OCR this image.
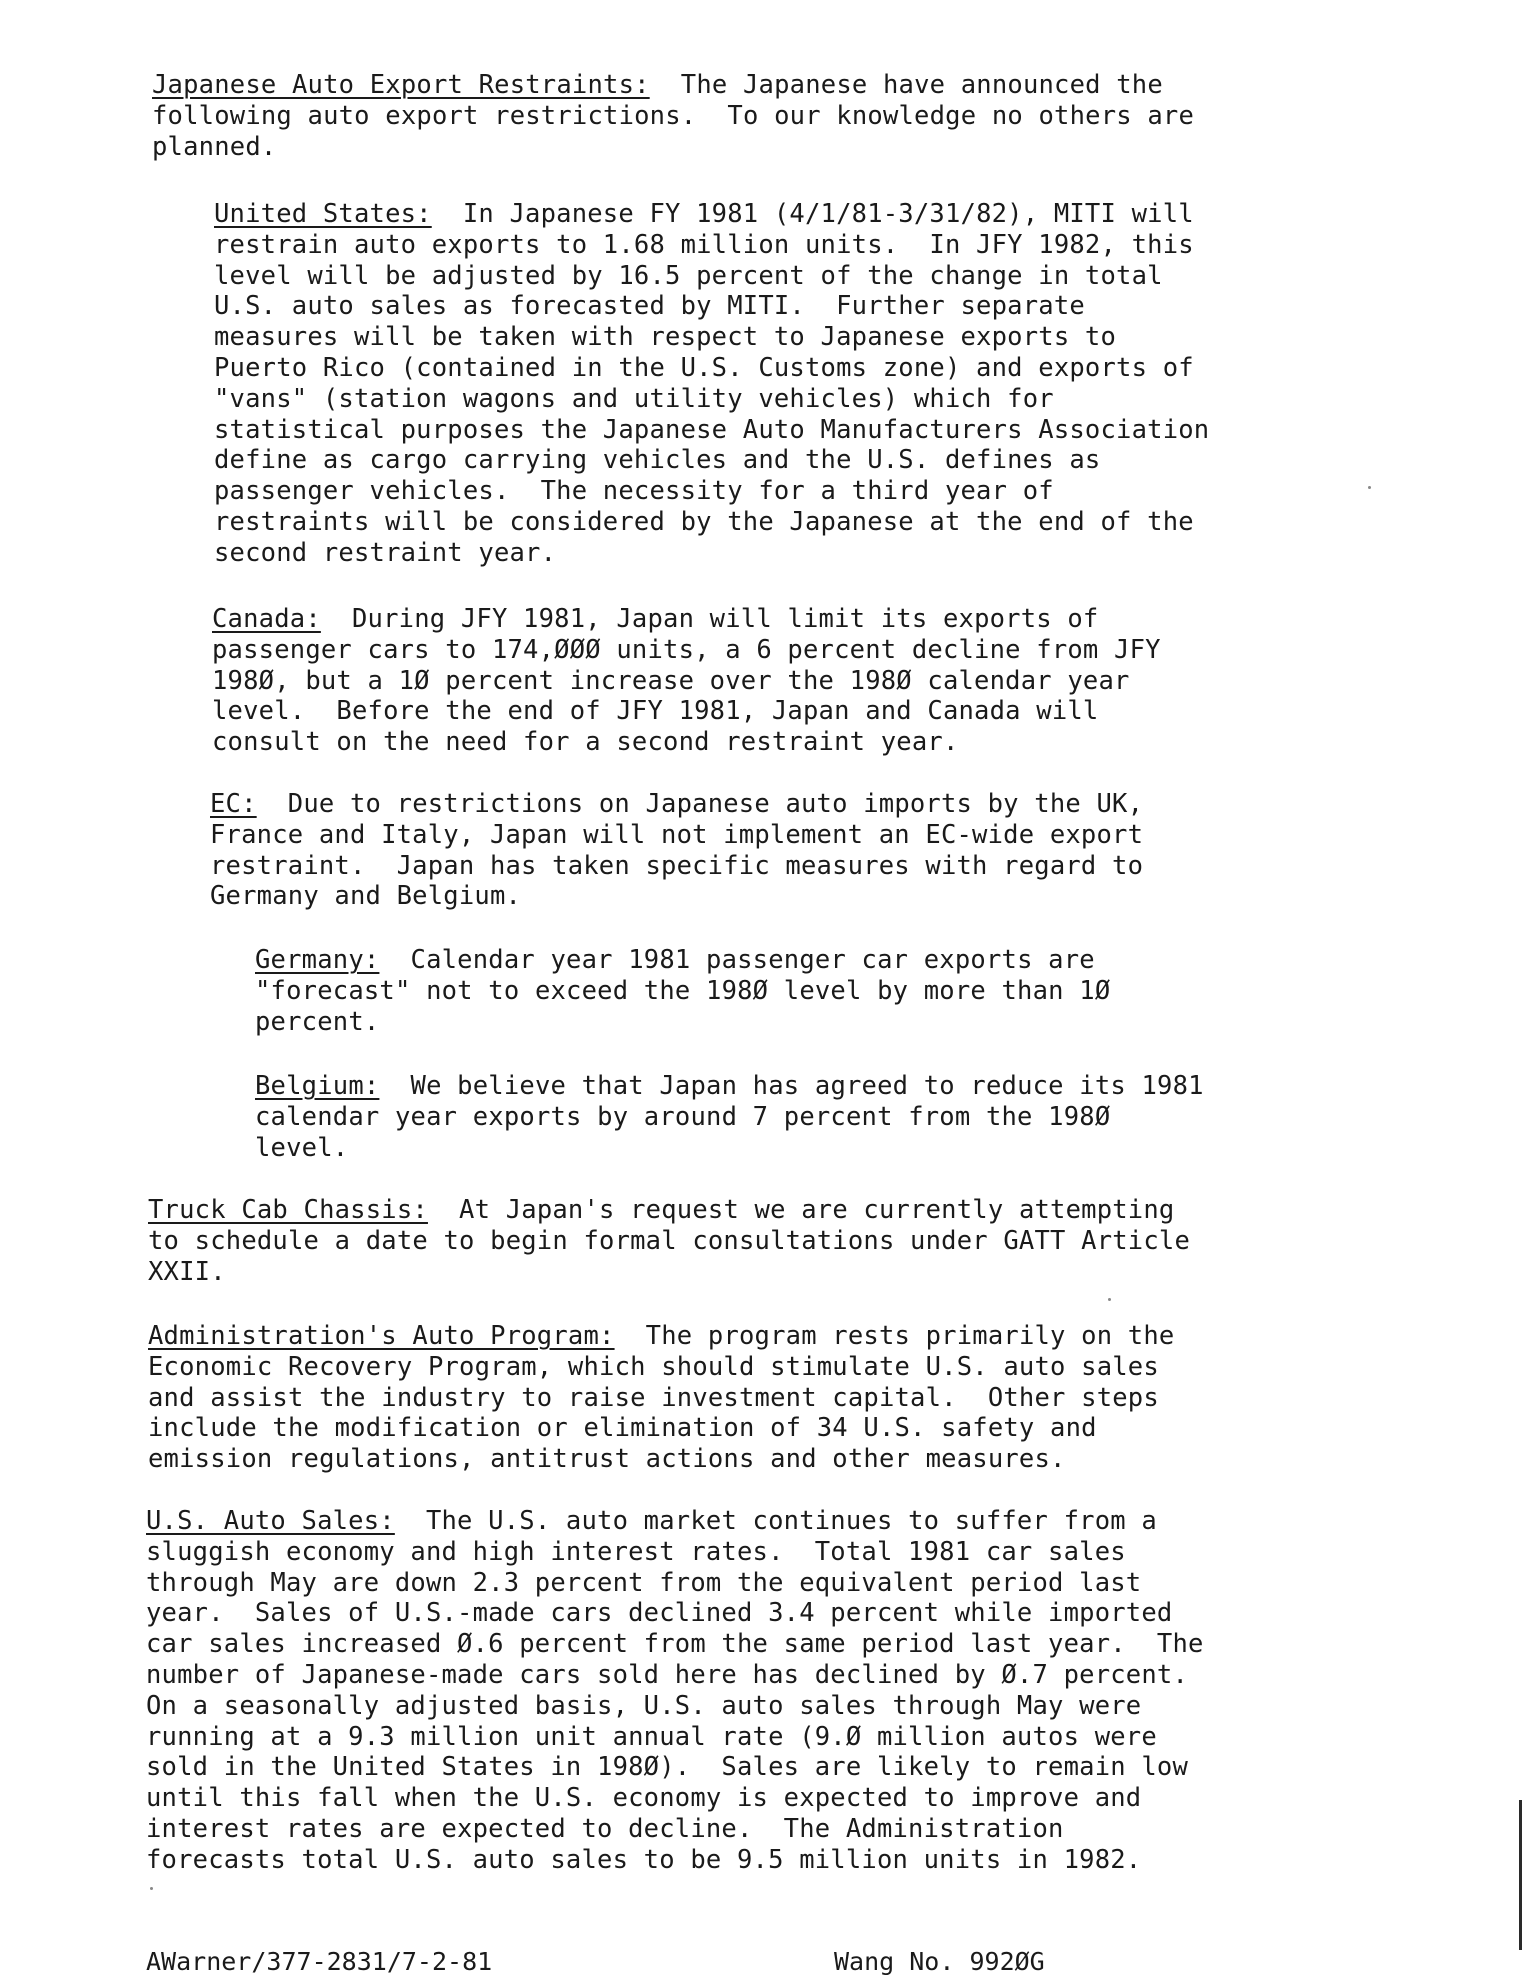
Japanese Auto Export Restraints:  The Japanese have announced the
following auto export restrictions.  To our knowledge no others are
planned.

United States:  In Japanese FY 1981 (4/1/81-3/31/82), MITI will
restrain auto exports to 1.68 million units.  In JFY 1982, this
level will be adjusted by 16.5 percent of the change in total
U.S. auto sales as forecasted by MITI.  Further separate
measures will be taken with respect to Japanese exports to
Puerto Rico (contained in the U.S. Customs zone) and exports of
"vans" (station wagons and utility vehicles) which for
statistical purposes the Japanese Auto Manufacturers Association
define as cargo carrying vehicles and the U.S. defines as
passenger vehicles.  The necessity for a third year of
restraints will be considered by the Japanese at the end of the
second restraint year.

Canada:  During JFY 1981, Japan will limit its exports of
passenger cars to 174,ØØØ units, a 6 percent decline from JFY
198Ø, but a 1Ø percent increase over the 198Ø calendar year
level.  Before the end of JFY 1981, Japan and Canada will
consult on the need for a second restraint year.

EC:  Due to restrictions on Japanese auto imports by the UK,
France and Italy, Japan will not implement an EC-wide export
restraint.  Japan has taken specific measures with regard to
Germany and Belgium.

Germany:  Calendar year 1981 passenger car exports are
"forecast" not to exceed the 198Ø level by more than 1Ø
percent.

Belgium:  We believe that Japan has agreed to reduce its 1981
calendar year exports by around 7 percent from the 198Ø
level.

Truck Cab Chassis:  At Japan's request we are currently attempting
to schedule a date to begin formal consultations under GATT Article
XXII.

Administration's Auto Program:  The program rests primarily on the
Economic Recovery Program, which should stimulate U.S. auto sales
and assist the industry to raise investment capital.  Other steps
include the modification or elimination of 34 U.S. safety and
emission regulations, antitrust actions and other measures.

U.S. Auto Sales:  The U.S. auto market continues to suffer from a
sluggish economy and high interest rates.  Total 1981 car sales
through May are down 2.3 percent from the equivalent period last
year.  Sales of U.S.-made cars declined 3.4 percent while imported
car sales increased Ø.6 percent from the same period last year.  The
number of Japanese-made cars sold here has declined by Ø.7 percent.
On a seasonally adjusted basis, U.S. auto sales through May were
running at a 9.3 million unit annual rate (9.Ø million autos were
sold in the United States in 198Ø).  Sales are likely to remain low
until this fall when the U.S. economy is expected to improve and
interest rates are expected to decline.  The Administration
forecasts total U.S. auto sales to be 9.5 million units in 1982.

AWarner/377-2831/7-2-81	Wang No. 992ØG
